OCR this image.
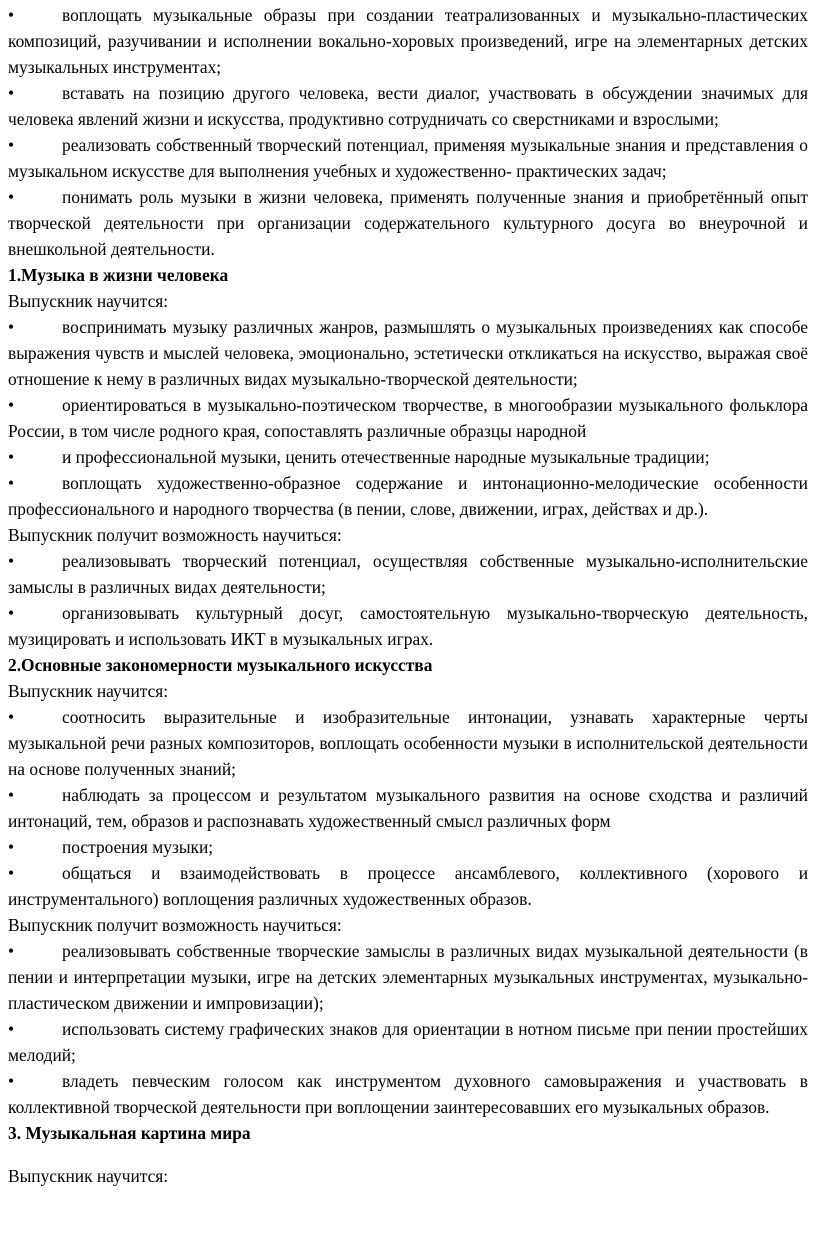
•	воплощать музыкальные образы при создании театрализованных и музыкально-пластических композиций, разучивании и исполнении вокально-хоровых произведений, игре на элементарных детских музыкальных инструментах;

•	вставать на позицию другого человека, вести диалог, участвовать в обсуждении значимых для человека явлений жизни и искусства, продуктивно сотрудничать со сверстниками и взрослыми;

•	реализовать собственный творческий потенциал, применяя музыкальные знания и представления о музыкальном искусстве для выполнения учебных и художественно- практических задач;

•	понимать роль музыки в жизни человека, применять полученные знания и приобретённый опыт творческой деятельности при организации содержательного культурного досуга во внеурочной и внешкольной деятельности.

1.Музыка в жизни человека

Выпускник научится:

•	воспринимать музыку различных жанров, размышлять о музыкальных произведениях как способе выражения чувств и мыслей человека, эмоционально, эстетически откликаться на искусство, выражая своё отношение к нему в различных видах музыкально-творческой деятельности;

•	ориентироваться в музыкально-поэтическом творчестве, в многообразии музыкального фольклора России, в том числе родного края, сопоставлять различные образцы народной

•	и профессиональной музыки, ценить отечественные народные музыкальные традиции;

•	воплощать художественно-образное содержание и интонационно-мелодические особенности профессионального и народного творчества (в пении, слове, движении, играх, действах и др.).

Выпускник получит возможность научиться:

•	реализовывать творческий потенциал, осуществляя собственные музыкально-исполнительские замыслы в различных видах деятельности;

•	организовывать культурный досуг, самостоятельную музыкально-творческую деятельность, музицировать и использовать ИКТ в музыкальных играх.

2.Основные закономерности музыкального искусства

Выпускник научится:

•	соотносить выразительные и изобразительные интонации, узнавать характерные черты музыкальной речи разных композиторов, воплощать особенности музыки в исполнительской деятельности на основе полученных знаний;

•	наблюдать за процессом и результатом музыкального развития на основе сходства и различий интонаций, тем, образов и распознавать художественный смысл различных форм

•	построения музыки;

•	общаться и взаимодействовать в процессе ансамблевого, коллективного (хорового и инструментального) воплощения различных художественных образов.

Выпускник получит возможность научиться:

•	реализовывать собственные творческие замыслы в различных видах музыкальной деятельности (в пении и интерпретации музыки, игре на детских элементарных музыкальных инструментах, музыкально-пластическом движении и импровизации);

•	использовать систему графических знаков для ориентации в нотном письме при пении простейших мелодий;

•	владеть певческим голосом как инструментом духовного самовыражения и участвовать в коллективной творческой деятельности при воплощении заинтересовавших его музыкальных образов.

3. Музыкальная картина мира

Выпускник научится:
